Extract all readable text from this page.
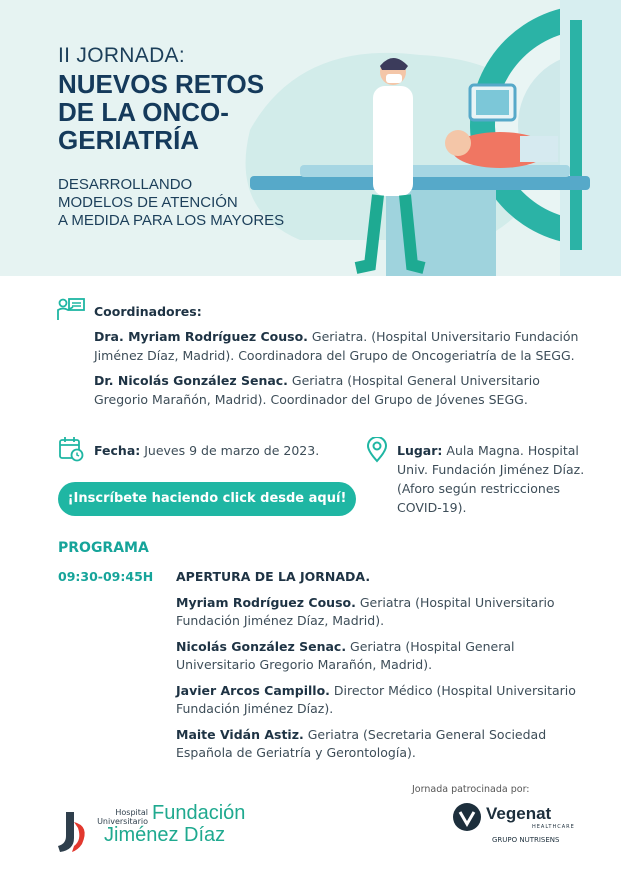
II JORNADA:
NUEVOS RETOS
DE LA ONCO-
GERIATRÍA
DESARROLLANDO
MODELOS DE ATENCIÓN
A MEDIDA PARA LOS MAYORES

Coordinadores:

Dra. Myriam Rodríguez Couso. Geriatra. (Hospital Universitario Fundación Jiménez Díaz, Madrid). Coordinadora del Grupo de Oncogeriatría de la SEGG.

Dr. Nicolás González Senac. Geriatra (Hospital General Universitario Gregorio Marañón, Madrid). Coordinador del Grupo de Jóvenes SEGG.

Fecha: Jueves 9 de marzo de 2023.	Lugar: Aula Magna. Hospital Univ. Fundación Jiménez Díaz. (Aforo según restricciones COVID-19).
¡Inscríbete haciendo click desde aquí!
PROGRAMA
09:30-09:45H APERTURA DE LA JORNADA.

Myriam Rodríguez Couso. Geriatra (Hospital Universitario Fundación Jiménez Díaz, Madrid).

Nicolás González Senac. Geriatra (Hospital General Universitario Gregorio Marañón, Madrid).

Javier Arcos Campillo. Director Médico (Hospital Universitario Fundación Jiménez Díaz).

Maite Vidán Astiz. Geriatra (Secretaria General Sociedad Española de Geriatría y Gerontología).

Jornada patrocinada por:
Hospital Universitario Fundación
Jiménez Díaz
Vegenat
HEALTHCARE
GRUPO NUTRISENS
